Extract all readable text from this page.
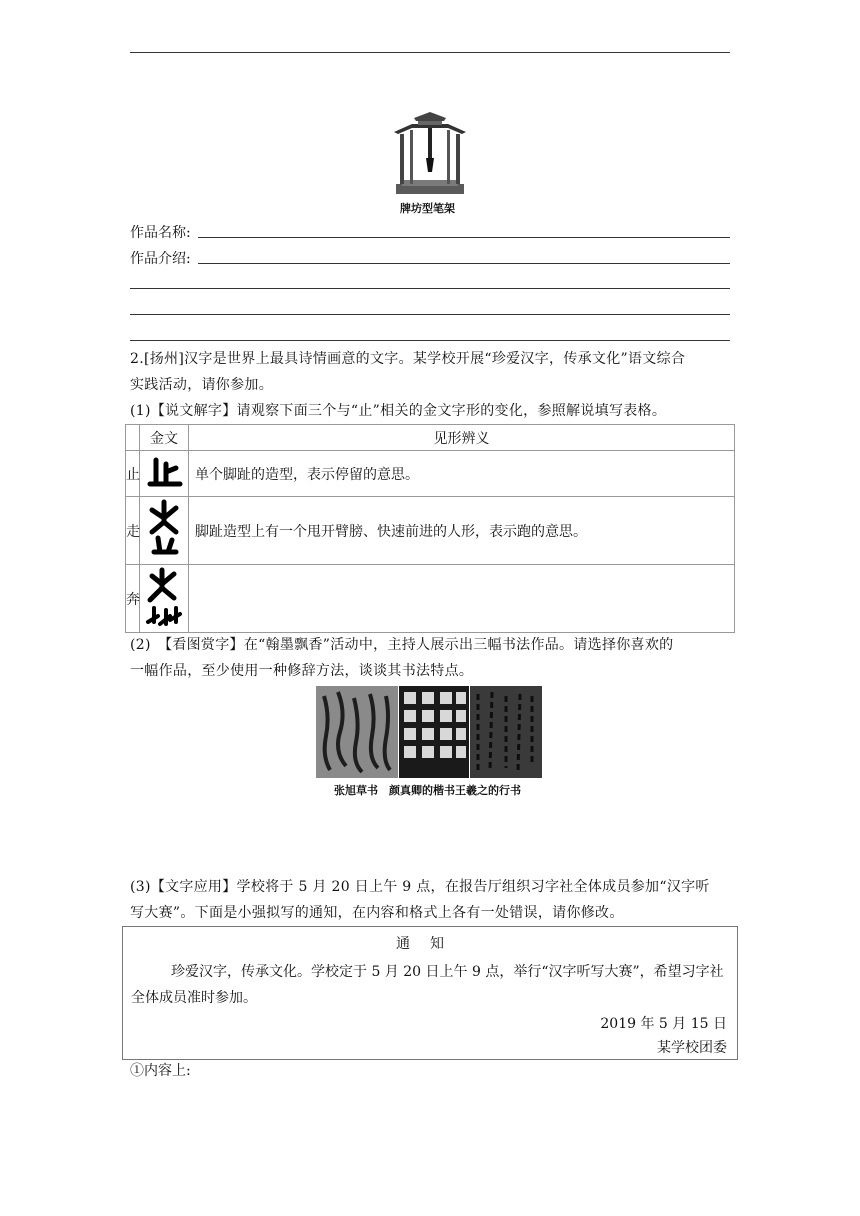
牌坊型笔架
作品名称:
作品介绍:
2.[扬州]汉字是世界上最具诗情画意的文字。某学校开展“珍爱汉字，传承文化”语文综合
实践活动，请你参加。
(1)【说文解字】请观察下面三个与“止”相关的金文字形的变化，参照解说填写表格。
	金文	见形辨义
止		单个脚趾的造型，表示停留的意思。
走		脚趾造型上有一个甩开臂膀、快速前进的人形，表示跑的意思。
奔		
(2)　【看图赏字】在“翰墨飘香”活动中，主持人展示出三幅书法作品。请选择你喜欢的
一幅作品，至少使用一种修辞方法，谈谈其书法特点。
张旭草书　颜真卿的楷书王羲之的行书
(3)【文字应用】学校将于 5 月 20 日上午 9 点，在报告厅组织习字社全体成员参加“汉字听
写大赛”。下面是小强拟写的通知，在内容和格式上各有一处错误，请你修改。
通知
珍爱汉字，传承文化。学校定于 5 月 20 日上午 9 点，举行“汉字听写大赛”，希望习字社全体成员准时参加。
2019 年 5 月 15 日
某学校团委
①内容上:
